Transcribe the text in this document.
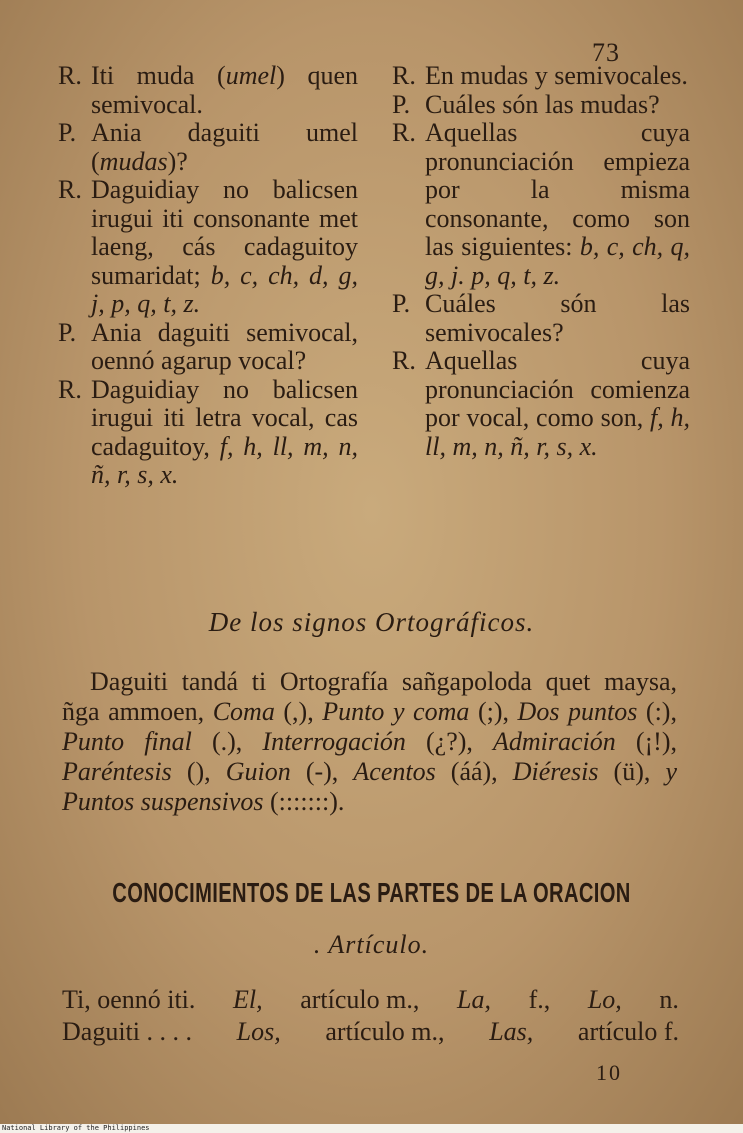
73

R. Iti muda (umel) quen semivocal.

P. Ania daguiti umel (mudas)?

R. Daguidiay no balicsen irugui iti consonante met laeng, cás cadaguitoy sumaridat; b, c, ch, d, g, j, p, q, t, z.

P. Ania daguiti semivocal, oennó agarup vocal?

R. Daguidiay no balicsen irugui iti letra vocal, cas cadaguitoy, f, h, ll, m, n, ñ, r, s, x.

R. En mudas y semivocales.

P. Cuáles són las mudas?

R. Aquellas cuya pronunciación empieza por la misma consonante, como son las siguientes: b, c, ch, q, g, j. p, q, t, z.

P. Cuáles són las semivocales?

R. Aquellas cuya pronunciación comienza por vocal, como son, f, h, ll, m, n, ñ, r, s, x.

De los signos Ortográficos.

Daguiti tandá ti Ortografía sañgapoloda quet maysa, ñga ammoen, Coma (,), Punto y coma (;), Dos puntos (:), Punto final (.), Interrogación (¿?), Admiración (¡!), Paréntesis (), Guion (-), Acentos (áá), Diéresis (ü), y Puntos suspensivos (:::::::).

CONOCIMIENTOS DE LAS PARTES DE LA ORACION
. Artículo.
Ti, oennó iti. El, artículo m., La, f., Lo, n.
Daguiti . . . . Los, artículo m., Las, artículo f.
10
National Library of the Philippines
